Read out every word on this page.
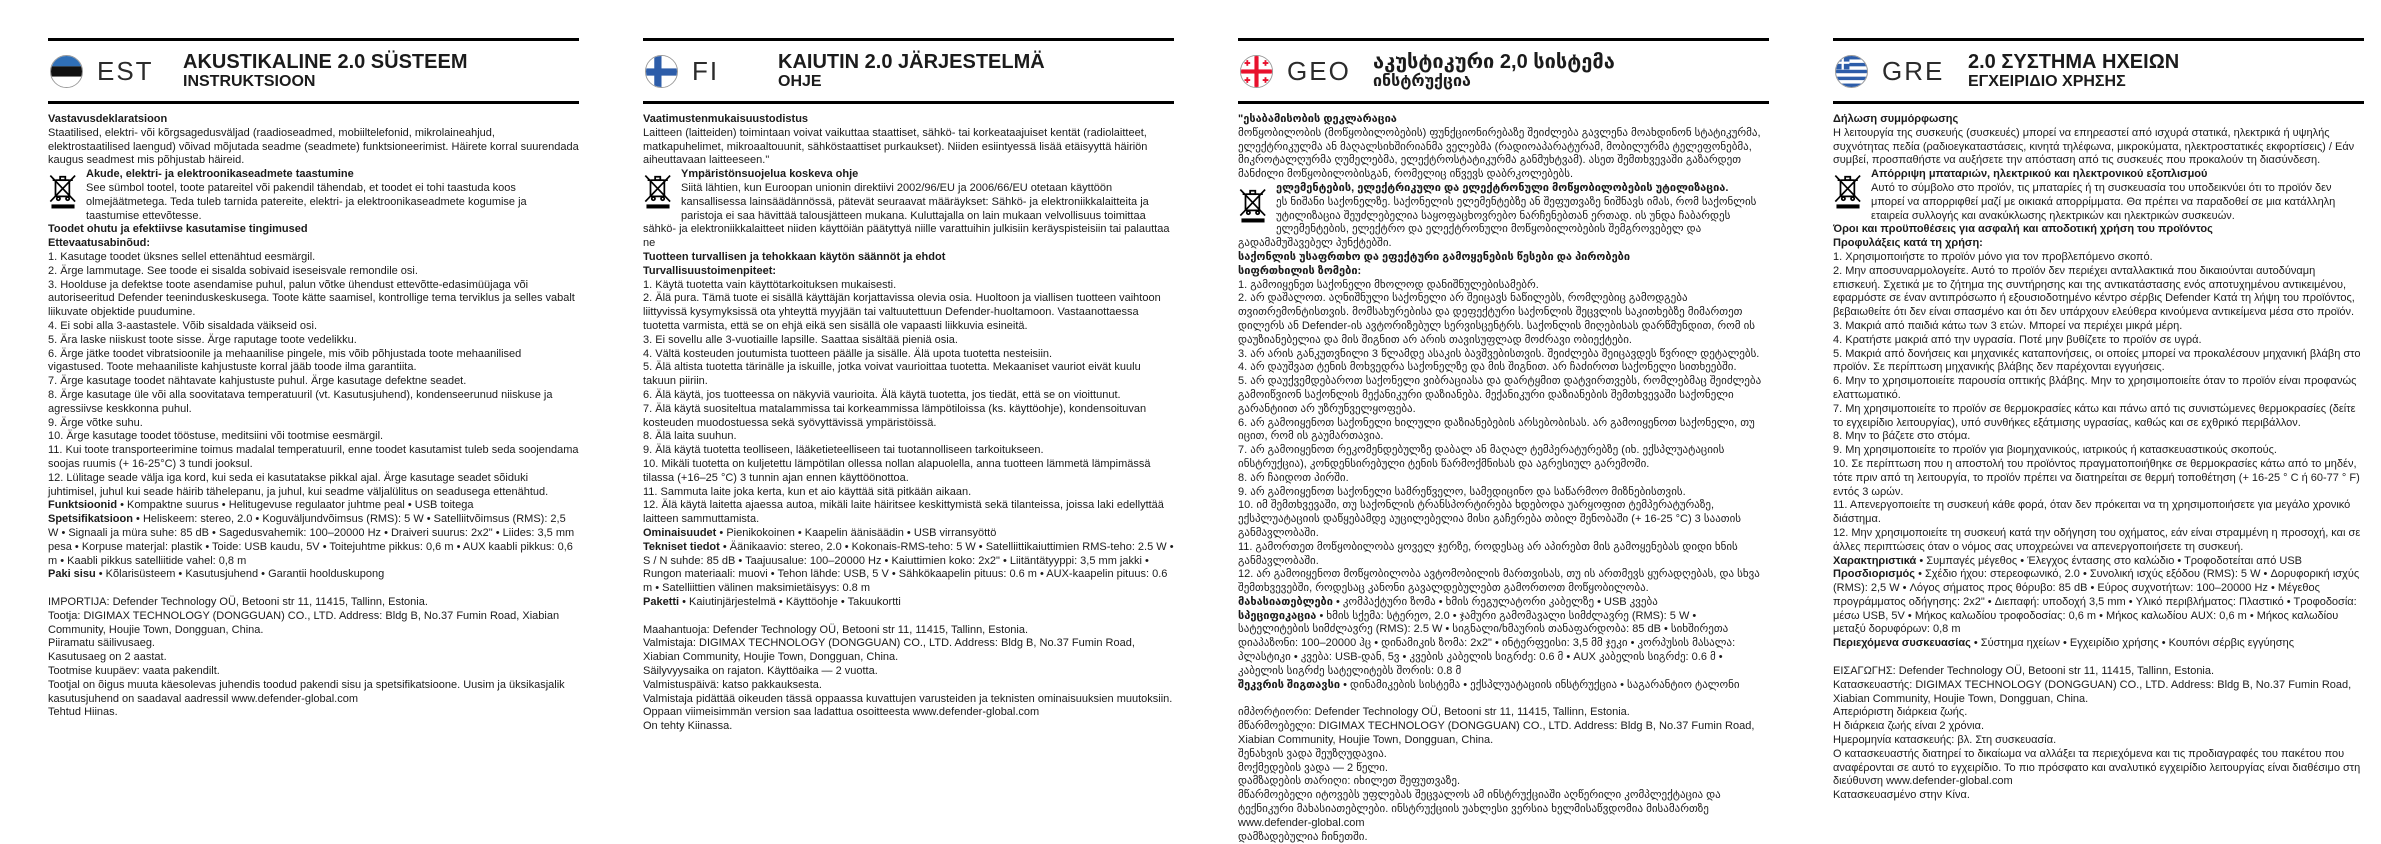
EST	AKUSTIKALINE 2.0 SÜSTEEM
INSTRUKTSIOON

Vastavusdeklaratsioon

Staatilised, elektri- või kõrgsagedusväljad (raadioseadmed, mobiiltelefonid, mikrolaineahjud, elektrostaatilised laengud) võivad mõjutada seadme (seadmete) funktsioneerimist. Häirete korral suurendada kaugus seadmest mis põhjustab häireid.

Akude, elektri- ja elektroonikaseadmete taastumine
See sümbol tootel, toote patareitel või pakendil tähendab, et toodet ei tohi taastuda koos olmejäätmetega. Teda tuleb tarnida patereite, elektri- ja elektroonikaseadmete kogumise ja taastumise ettevõtesse.

Toodet ohutu ja efektiivse kasutamise tingimused

Ettevaatusabinõud:

1. Kasutage toodet üksnes sellel ettenähtud eesmärgil.

2. Ärge lammutage. See toode ei sisalda sobivaid iseseisvale remondile osi.

3. Hoolduse ja defektse toote asendamise puhul, palun võtke ühendust ettevõtte-edasimüüjaga või autoriseeritud Defender teeninduskeskusega. Toote kätte saamisel, kontrollige tema terviklus ja selles vabalt liikuvate objektide puudumine.

4. Ei sobi alla 3-aastastele. Võib sisaldada väikseid osi.

5. Ära laske niiskust toote sisse. Ärge raputage toote vedelikku.

6. Ärge jätke toodet vibratsioonile ja mehaanilise pingele, mis võib põhjustada toote mehaanilised vigastused. Toote mehaaniliste kahjustuste korral jääb toode ilma garantiita.

7. Ärge kasutage toodet nähtavate kahjustuste puhul. Ärge kasutage defektne seadet.

8. Ärge kasutage üle või alla soovitatava temperatuuril (vt. Kasutusjuhend), kondenseerunud niiskuse ja agressiivse keskkonna puhul.

9. Ärge võtke suhu.

10. Ärge kasutage toodet tööstuse, meditsiini või tootmise eesmärgil.

11. Kui toote transporteerimine toimus madalal temperatuuril, enne toodet kasutamist tuleb seda soojendama soojas ruumis (+ 16-25°C) 3 tundi jooksul.

12. Lülitage seade välja iga kord, kui seda ei kasutatakse pikkal ajal. Ärge kasutage seadet sõiduki juhtimisel, juhul kui seade häirib tähelepanu, ja juhul, kui seadme väljalülitus on seadusega ettenähtud.

Funktsioonid • Kompaktne suurus • Helitugevuse regulaator juhtme peal • USB toitega

Spetsifikatsioon • Heliskeem: stereo, 2.0 • Koguväljundvõimsus (RMS): 5 W • Satelliitvõimsus (RMS): 2,5 W • Signaali ja müra suhe: 85 dB • Sagedusvahemik: 100–20000 Hz • Draiveri suurus: 2x2" • Liides: 3,5 mm pesa • Korpuse materjal: plastik • Toide: USB kaudu, 5V • Toitejuhtme pikkus: 0,6 m • AUX kaabli pikkus: 0,6 m • Kaabli pikkus satelliitide vahel: 0,8 m

Paki sisu • Kõlarisüsteem • Kasutusjuhend • Garantii hoolduskupong

IMPORTIJA: Defender Technology OÜ, Betooni str 11, 11415, Tallinn, Estonia.

Tootja: DIGIMAX TECHNOLOGY (DONGGUAN) CO., LTD. Address: Bldg B, No.37 Fumin Road, Xiabian Community, Houjie Town, Dongguan, China.

Piiramatu säilivusaeg.

Kasutusaeg on 2 aastat.

Tootmise kuupäev: vaata pakendilt.

Tootjal on õigus muuta käesolevas juhendis toodud pakendi sisu ja spetsifikatsioone. Uusim ja üksikasjalik kasutusjuhend on saadaval aadressil www.defender-global.com

Tehtud Hiinas.

FI	KAIUTIN 2.0 JÄRJESTELMÄ
OHJE

Vaatimustenmukaisuustodistus

Laitteen (laitteiden) toimintaan voivat vaikuttaa staattiset, sähkö- tai korkeataajuiset kentät (radiolaitteet, matkapuhelimet, mikroaaltouunit, sähköstaattiset purkaukset). Niiden esiintyessä lisää etäisyyttä häiriön aiheuttavaan laitteeseen."

Ympäristönsuojelua koskeva ohje
Siitä lähtien, kun Euroopan unionin direktiivi 2002/96/EU ja 2006/66/EU otetaan käyttöön kansallisessa lainsäädännössä, pätevät seuraavat määräykset: Sähkö- ja elektroniikkalaitteita ja paristoja ei saa hävittää talousjätteen mukana. Kuluttajalla on lain mukaan velvollisuus toimittaa sähkö- ja elektroniikkalaitteet niiden käyttöiän päätyttyä niille varattuihin julkisiin keräyspisteisiin tai palauttaa ne

Tuotteen turvallisen ja tehokkaan käytön säännöt ja ehdot

Turvallisuustoimenpiteet:

1. Käytä tuotetta vain käyttötarkoituksen mukaisesti.

2. Älä pura. Tämä tuote ei sisällä käyttäjän korjattavissa olevia osia. Huoltoon ja viallisen tuotteen vaihtoon liittyvissä kysymyksissä ota yhteyttä myyjään tai valtuutettuun Defender-huoltamoon. Vastaanottaessa tuotetta varmista, että se on ehjä eikä sen sisällä ole vapaasti liikkuvia esineitä.

3. Ei sovellu alle 3-vuotiaille lapsille. Saattaa sisältää pieniä osia.

4. Vältä kosteuden joutumista tuotteen päälle ja sisälle. Älä upota tuotetta nesteisiin.

5. Älä altista tuotetta tärinälle ja iskuille, jotka voivat vaurioittaa tuotetta. Mekaaniset vauriot eivät kuulu takuun piiriin.

6. Älä käytä, jos tuotteessa on näkyviä vaurioita. Älä käytä tuotetta, jos tiedät, että se on vioittunut.

7. Älä käytä suositeltua matalammissa tai korkeammissa lämpötiloissa (ks. käyttöohje), kondensoituvan kosteuden muodostuessa sekä syövyttävissä ympäristöissä.

8. Älä laita suuhun.

9. Älä käytä tuotetta teolliseen, lääketieteelliseen tai tuotannolliseen tarkoitukseen.

10. Mikäli tuotetta on kuljetettu lämpötilan ollessa nollan alapuolella, anna tuotteen lämmetä lämpimässä tilassa (+16–25 °C) 3 tunnin ajan ennen käyttöönottoa.

11. Sammuta laite joka kerta, kun et aio käyttää sitä pitkään aikaan.

12. Älä käytä laitetta ajaessa autoa, mikäli laite häiritsee keskittymistä sekä tilanteissa, joissa laki edellyttää laitteen sammuttamista.

Ominaisuudet • Pienikokoinen • Kaapelin äänisäädin • USB virransyöttö

Tekniset tiedot • Äänikaavio: stereo, 2.0 • Kokonais-RMS-teho: 5 W • Satelliittikaiuttimien RMS-teho: 2.5 W • S / N suhde: 85 dB • Taajuusalue: 100–20000 Hz • Kaiuttimien koko: 2x2" • Liitäntätyyppi: 3,5 mm jakki • Rungon materiaali: muovi • Tehon lähde: USB, 5 V • Sähkökaapelin pituus: 0.6 m • AUX-kaapelin pituus: 0.6 m • Satelliittien välinen maksimietäisyys: 0.8 m

Paketti • Kaiutinjärjestelmä • Käyttöohje • Takuukortti

Maahantuoja: Defender Technology OÜ, Betooni str 11, 11415, Tallinn, Estonia.

Valmistaja: DIGIMAX TECHNOLOGY (DONGGUAN) CO., LTD. Address: Bldg B, No.37 Fumin Road, Xiabian Community, Houjie Town, Dongguan, China.

Säilyvyysaika on rajaton. Käyttöaika — 2 vuotta.

Valmistuspäivä: katso pakkauksesta.

Valmistaja pidättää oikeuden tässä oppaassa kuvattujen varusteiden ja teknisten ominaisuuksien muutoksiin. Oppaan viimeisimmän version saa ladattua osoitteesta www.defender-global.com

On tehty Kiinassa.

GEO	აკუსტიკური 2,0 სისტემა
ინსტრუქცია

"ესაბამისობის დეკლარაცია

მოწყობილობის (მოწყობილობების) ფუნქციონირებაზე შეიძლება გავლენა მოახდინონ სტატიკურმა, ელექტრიკულმა ან მაღალსიხშირიანმა ველებმა (რადიოაპარატურამ, მობილურმა ტელეფონებმა, მიკროტალღურმა ღუმელებმა, ელექტროსტატიკურმა განმუხტვამ). ასეთ შემთხვევაში გაზარდეთ მანძილი მოწყობილობისგან, რომელიც იწვევს დაბრკოლებებს.

ელემენტების, ელექტრიკული და ელექტრონული მოწყობილობების უტილიზაცია.
ეს ნიშანი საქონელზე. საქონელის ელემენტებზე ან შეფუთვაზე ნიშნავს იმას, რომ საქონლის უტილიზაცია შეუძლებელია საყოფაცხოვრებო ნარჩენებთან ერთად. ის უნდა ჩაბარდეს ელემენტების, ელექტრო და ელექტრონული მოწყობილობების შემგროვებელ და გადამამუშავებელ პუნქტებში.

საქონლის უსაფრთხო და ეფექტური გამოყენების წესები და პირობები

სიფრთხილის ზომები:

1. გამოიყენეთ საქონელი მხოლოდ დანიშნულებისამებრ.

2. არ დაშალოთ. აღნიშნული საქონელი არ შეიცავს ნაწილებს, რომლებიც გამოდგება თვითრემონტისთვის. მომსახურებისა და დეფექტური საქონლის შეცვლის საკითხებზე მიმართეთ დილერს ან Defender-ის ავტორიზებულ სერვისცენტრს. საქონლის მიღებისას დარწმუნდით, რომ ის დაუზიანებელია და მის შიგნით არ არის თავისუფლად მოძრავი ობიექტები.

3. არ არის განკუთვნილი 3 წლამდე ასაკის ბავშვებისთვის. შეიძლება შეიცავდეს წვრილ დეტალებს.

4. არ დაუშვათ ტენის მოხვედრა საქონელზე და მის შიგნით. არ ჩაძიროთ საქონელი სითხეებში.

5. არ დაუქვემდებაროთ საქონელი ვიბრაციასა და დარტყმით დატვირთვებს, რომლებმაც შეიძლება გამოიწვიონ საქონლის მექანიკური დაზიანება. მექანიკური დაზიანების შემთხვევაში საქონელი გარანტიით არ უზრუნველყოფება.

6. არ გამოიყენოთ საქონელი ხილული დაზიანებების არსებობისას. არ გამოიყენოთ საქონელი, თუ იცით, რომ ის გაუმართავია.

7. არ გამოიყენოთ რეკომენდებულზე დაბალ ან მაღალ ტემპერატურებზე (იხ. ექსპლუატაციის ინსტრუქცია), კონდენსირებული ტენის წარმოქმნისას და აგრესიულ გარემოში.

8. არ ჩაიდოთ პირში.

9. არ გამოიყენოთ საქონელი სამრეწველო, სამედიცინო და საწარმოო მიზნებისთვის.

10. იმ შემთხვევაში, თუ საქონლის ტრანსპორტირება ხდებოდა უარყოფით ტემპერატურაზე, ექსპლუატაციის დაწყებამდე აუცილებელია მისი გაჩერება თბილ შენობაში (+ 16-25 °C) 3 საათის განმავლობაში.

11. გამორთეთ მოწყობილობა ყოველ ჯერზე, როდესაც არ აპირებთ მის გამოყენებას დიდი ხნის განმავლობაში.

12. არ გამოიყენოთ მოწყობილობა ავტომობილის მართვისას, თუ ის ართმევს ყურადღებას, და სხვა შემთხვევებში, როდესაც კანონი გავალდებულებთ გამორთოთ მოწყობილობა.

მახასიათებლები • კომპაქტური ზომა • ხმის რეგულატორი კაბელზე • USB კვება

სპეციფიკაცია • ხმის სქემა: სტერეო, 2.0 • ჯამური გამომავალი სიმძლავრე (RMS): 5 W • სატელიტების სიმძლავრე (RMS): 2.5 W • სიგნალი/ხმაურის თანაფარდობა: 85 dB • სიხშირეთა დიაპაზონი: 100–20000 ჰც • დინამიკის ზომა: 2x2" • ინტერფეისი: 3,5 მმ ჯეკი • კორპუსის მასალა: პლასტიკი • კვება: USB-დან, 5ვ • კვების კაბელის სიგრძე: 0.6 მ • AUX კაბელის სიგრძე: 0.6 მ • კაბელის სიგრძე სატელიტებს შორის: 0.8 მ

შეკვრის შიგთავსი • დინამიკების სისტემა • ექსპლუატაციის ინსტრუქცია • საგარანტიო ტალონი

იმპორტიორი: Defender Technology OÜ, Betooni str 11, 11415, Tallinn, Estonia.

მწარმოებელი: DIGIMAX TECHNOLOGY (DONGGUAN) CO., LTD. Address: Bldg B, No.37 Fumin Road, Xiabian Community, Houjie Town, Dongguan, China.

შენახვის ვადა შეუზღუდავია.

მოქმედების ვადა — 2 წელი.

დამზადების თარიღი: იხილეთ შეფუთვაზე.

მწარმოებელი იტოვებს უფლებას შეცვალოს ამ ინსტრუქციაში აღწერილი კომპლექტაცია და ტექნიკური მახასიათებლები. ინსტრუქციის უახლესი ვერსია ხელმისაწვდომია მისამართზე www.defender-global.com

დამზადებულია ჩინეთში.

GRE	2.0 ΣΥΣΤΗΜΑ ΗΧΕΙΩΝ
ΕΓΧΕΙΡΙΔΙΟ ΧΡΗΣΗΣ

Δήλωση συμμόρφωσης

Η λειτουργία της συσκευής (συσκευές) μπορεί να επηρεαστεί από ισχυρά στατικά, ηλεκτρικά ή υψηλής συχνότητας πεδία (ραδιοεγκαταστάσεις, κινητά τηλέφωνα, μικροκύματα, ηλεκτροστατικές εκφορτίσεις) / Εάν συμβεί, προσπαθήστε να αυξήσετε την απόσταση από τις συσκευές που προκαλούν τη διασύνδεση.

Απόρριψη μπαταριών, ηλεκτρικού και ηλεκτρονικού εξοπλισμού
Αυτό το σύμβολο στο προϊόν, τις μπαταρίες ή τη συσκευασία του υποδεικνύει ότι το προϊόν δεν μπορεί να απορριφθεί μαζί με οικιακά απορρίμματα. Θα πρέπει να παραδοθεί σε μια κατάλληλη εταιρεία συλλογής και ανακύκλωσης ηλεκτρικών και ηλεκτρικών συσκευών.

Όροι και προϋποθέσεις για ασφαλή και αποδοτική χρήση του προϊόντος

Προφυλάξεις κατά τη χρήση:

1. Χρησιμοποιήστε το προϊόν μόνο για τον προβλεπόμενο σκοπό.

2. Μην αποσυναρμολογείτε. Αυτό το προϊόν δεν περιέχει ανταλλακτικά που δικαιούνται αυτοδύναμη επισκευή. Σχετικά με το ζήτημα της συντήρησης και της αντικατάστασης ενός αποτυχημένου αντικειμένου, εφαρμόστε σε έναν αντιπρόσωπο ή εξουσιοδοτημένο κέντρο σέρβις Defender Κατά τη λήψη του προϊόντος, βεβαιωθείτε ότι δεν είναι σπασμένο και ότι δεν υπάρχουν ελεύθερα κινούμενα αντικείμενα μέσα στο προϊόν.

3. Μακριά από παιδιά κάτω των 3 ετών. Μπορεί να περιέχει μικρά μέρη.

4. Κρατήστε μακριά από την υγρασία. Ποτέ μην βυθίζετε το προϊόν σε υγρά.

5. Μακριά από δονήσεις και μηχανικές καταπονήσεις, οι οποίες μπορεί να προκαλέσουν μηχανική βλάβη στο προϊόν. Σε περίπτωση μηχανικής βλάβης δεν παρέχονται εγγυήσεις.

6. Μην το χρησιμοποιείτε παρουσία οπτικής βλάβης. Μην το χρησιμοποιείτε όταν το προϊόν είναι προφανώς ελαττωματικό.

7. Μη χρησιμοποιείτε το προϊόν σε θερμοκρασίες κάτω και πάνω από τις συνιστώμενες θερμοκρασίες (δείτε το εγχειρίδιο λειτουργίας), υπό συνθήκες εξάτμισης υγρασίας, καθώς και σε εχθρικό περιβάλλον.

8. Μην το βάζετε στο στόμα.

9. Μη χρησιμοποιείτε το προϊόν για βιομηχανικούς, ιατρικούς ή κατασκευαστικούς σκοπούς.

10. Σε περίπτωση που η αποστολή του προϊόντος πραγματοποιήθηκε σε θερμοκρασίες κάτω από το μηδέν, τότε πριν από τη λειτουργία, το προϊόν πρέπει να διατηρείται σε θερμή τοποθέτηση (+ 16-25 ° C ή 60-77 ° F) εντός 3 ωρών.

11. Απενεργοποιείτε τη συσκευή κάθε φορά, όταν δεν πρόκειται να τη χρησιμοποιήσετε για μεγάλο χρονικό διάστημα.

12. Μην χρησιμοποιείτε τη συσκευή κατά την οδήγηση του οχήματος, εάν είναι στραμμένη η προσοχή, και σε άλλες περιπτώσεις όταν ο νόμος σας υποχρεώνει να απενεργοποιήσετε τη συσκευή.

Χαρακτηριστικά • Συμπαγές μέγεθος • Έλεγχος έντασης στο καλώδιο • Τροφοδοτείται από USB

Προσδιορισμός • Σχέδιο ήχου: στερεοφωνικό, 2.0 • Συνολική ισχύς εξόδου (RMS): 5 W • Δορυφορική ισχύς (RMS): 2,5 W • Λόγος σήματος προς θόρυβο: 85 dB • Εύρος συχνοτήτων: 100–20000 Hz • Μέγεθος προγράμματος οδήγησης: 2x2" • Διεπαφή: υποδοχή 3,5 mm • Υλικό περιβλήματος: Πλαστικό • Τροφοδοσία: μέσω USB, 5V • Μήκος καλωδίου τροφοδοσίας: 0,6 m • Μήκος καλωδίου AUX: 0,6 m • Μήκος καλωδίου μεταξύ δορυφόρων: 0,8 m

Περιεχόμενα συσκευασίας • Σύστημα ηχείων • Εγχειρίδιο χρήσης • Κουπόνι σέρβις εγγύησης

ΕΙΣΑΓΩΓΗΣ: Defender Technology OÜ, Betooni str 11, 11415, Tallinn, Estonia.

Κατασκευαστής: DIGIMAX TECHNOLOGY (DONGGUAN) CO., LTD. Address: Bldg B, No.37 Fumin Road, Xiabian Community, Houjie Town, Dongguan, China.

Απεριόριστη διάρκεια ζωής.

Η διάρκεια ζωής είναι 2 χρόνια.

Ημερομηνία κατασκευής: βλ. Στη συσκευασία.

Ο κατασκευαστής διατηρεί το δικαίωμα να αλλάξει τα περιεχόμενα και τις προδιαγραφές του πακέτου που αναφέρονται σε αυτό το εγχειρίδιο. Το πιο πρόσφατο και αναλυτικό εγχειρίδιο λειτουργίας είναι διαθέσιμο στη διεύθυνση www.defender-global.com

Κατασκευασμένο στην Κίνα.
